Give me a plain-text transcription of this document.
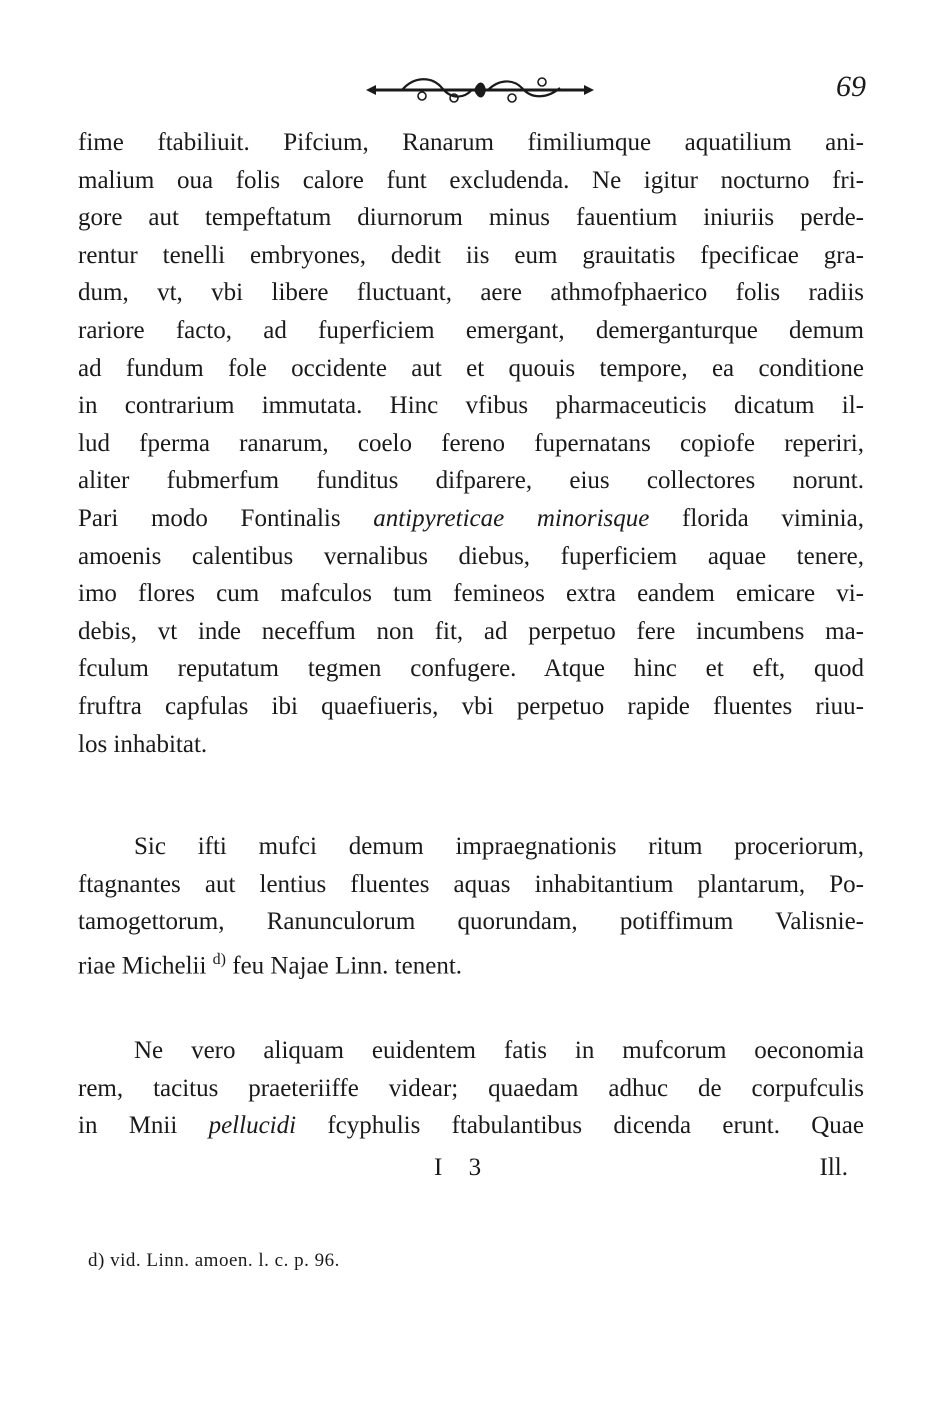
69
fime ftabiliuit. Pifcium, Ranarum fimiliumque aquatilium ani-
malium oua folis calore funt excludenda. Ne igitur nocturno fri-
gore aut tempeftatum diurnorum minus fauentium iniuriis perde-
rentur tenelli embryones, dedit iis eum grauitatis fpecificae gra-
dum, vt, vbi libere fluctuant, aere athmofphaerico folis radiis
rariore facto, ad fuperficiem emergant, demerganturque demum
ad fundum fole occidente aut et quouis tempore, ea conditione
in contrarium immutata. Hinc vfibus pharmaceuticis dicatum il-
lud fperma ranarum, coelo fereno fupernatans copiofe reperiri,
aliter fubmerfum funditus difparere, eius collectores norunt.
Pari modo Fontinalis antipyreticae minorisque florida viminia,
amoenis calentibus vernalibus diebus, fuperficiem aquae tenere,
imo flores cum mafculos tum femineos extra eandem emicare vi-
debis, vt inde neceffum non fit, ad perpetuo fere incumbens ma-
fculum reputatum tegmen confugere. Atque hinc et eft, quod
fruftra capfulas ibi quaefiueris, vbi perpetuo rapide fluentes riuu-
los inhabitat.
Sic ifti mufci demum impraegnationis ritum proceriorum,
ftagnantes aut lentius fluentes aquas inhabitantium plantarum, Po-
tamogettorum, Ranunculorum quorundam, potiffimum Valisnie-
riae Michelii $^{d)}$ feu Najae Linn. tenent.
Ne vero aliquam euidentem fatis in mufcorum oeconomia
rem, tacitus praeteriiffe videar; quaedam adhuc de corpufculis
in Mnii pellucidi fcyphulis ftabulantibus dicenda erunt. Quae
I 3	Ill.
d) vid. Linn. amoen. l. c. p. 96.
